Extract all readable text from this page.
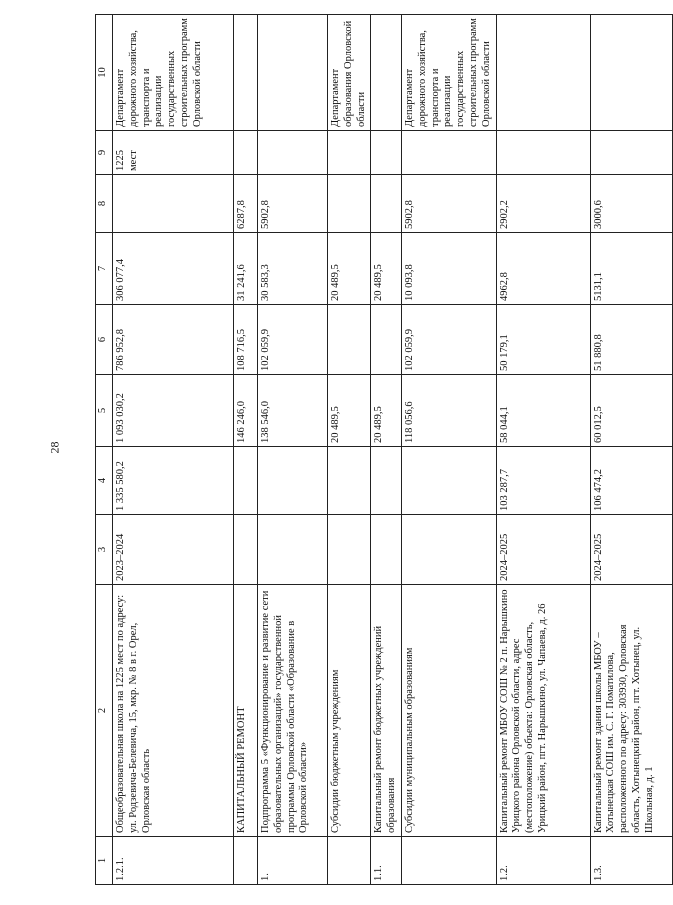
28
1	2	3	4	5	6	7	8	9	10
1.2.1.	Общеобразовательная школа на 1225 мест по адресу: ул. Родзевича-Белевича, 15, мкр. № 8 в г. Орел, Орловская область	2023–2024	1 335 580,2	1 093 030,2	786 952,8	306 077,4		1225 мест	Департамент дорожного хозяйства, транспорта и реализации государственных строительных программ Орловской области
	КАПИТАЛЬНЫЙ РЕМОНТ			146 246,0	108 716,5	31 241,6	6287,8		
1.	Подпрограмма 5 «Функционирование и развитие сети образовательных организаций» государственной программы Орловской области «Образование в Орловской области»			138 546,0	102 059,9	30 583,3	5902,8		
	Субсидии бюджетным учреждениям			20 489,5		20 489,5			Департамент образования Орловской области
1.1.	Капитальный ремонт бюджетных учреждений образования			20 489,5		20 489,5			
	Субсидии муниципальным образованиям			118 056,6	102 059,9	10 093,8	5902,8		Департамент дорожного хозяйства, транспорта и реализации государственных строительных программ Орловской области
1.2.	Капитальный ремонт МБОУ СОШ № 2 п. Нарышкино Урицкого района Орловской области, адрес (местоположение) объекта: Орловская область, Урицкий район, пгт. Нарышкино, ул. Чапаева, д. 26	2024–2025	103 287,7	58 044,1	50 179,1	4962,8	2902,2		
1.3.	Капитальный ремонт здания школы МБОУ – Хотынецкая СОШ им. С. Г. Поматилова, расположенного по адресу: 303930, Орловская область, Хотынецкий район, пгт. Хотынец, ул. Школьная, д. 1	2024–2025	106 474,2	60 012,5	51 880,8	5131,1	3000,6		
